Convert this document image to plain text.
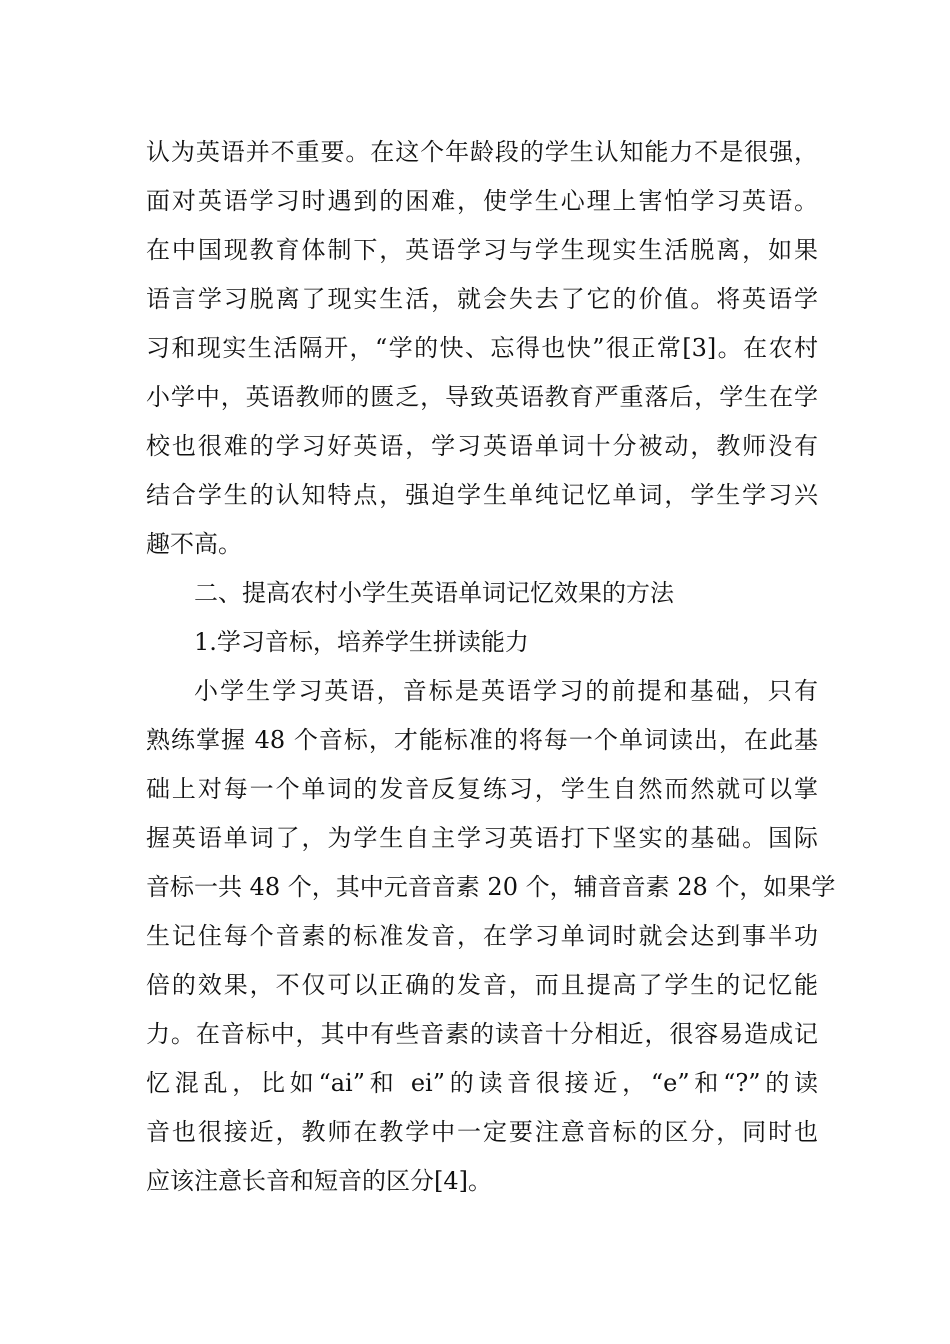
认为英语并不重要。在这个年龄段的学生认知能力不是很强，
面对英语学习时遇到的困难，使学生心理上害怕学习英语。
在中国现教育体制下，英语学习与学生现实生活脱离，如果
语言学习脱离了现实生活，就会失去了它的价值。将英语学
习和现实生活隔开，“学的快、忘得也快”很正常[3]。在农村
小学中，英语教师的匮乏，导致英语教育严重落后，学生在学
校也很难的学习好英语，学习英语单词十分被动，教师没有
结合学生的认知特点，强迫学生单纯记忆单词，学生学习兴
趣不高。

二、提高农村小学生英语单词记忆效果的方法

1.学习音标，培养学生拼读能力

小学生学习英语，音标是英语学习的前提和基础，只有
熟练掌握 48 个音标，才能标准的将每一个单词读出，在此基
础上对每一个单词的发音反复练习，学生自然而然就可以掌
握英语单词了，为学生自主学习英语打下坚实的基础。国际
音标一共 48 个，其中元音音素 20 个，辅音音素 28 个，如果学
生记住每个音素的标准发音，在学习单词时就会达到事半功
倍的效果，不仅可以正确的发音，而且提高了学生的记忆能
力。在音标中，其中有些音素的读音十分相近，很容易造成记
忆混乱，比如“ai”和 ei”的读音很接近，“e”和“?”的读
音也很接近，教师在教学中一定要注意音标的区分，同时也
应该注意长音和短音的区分[4]。
